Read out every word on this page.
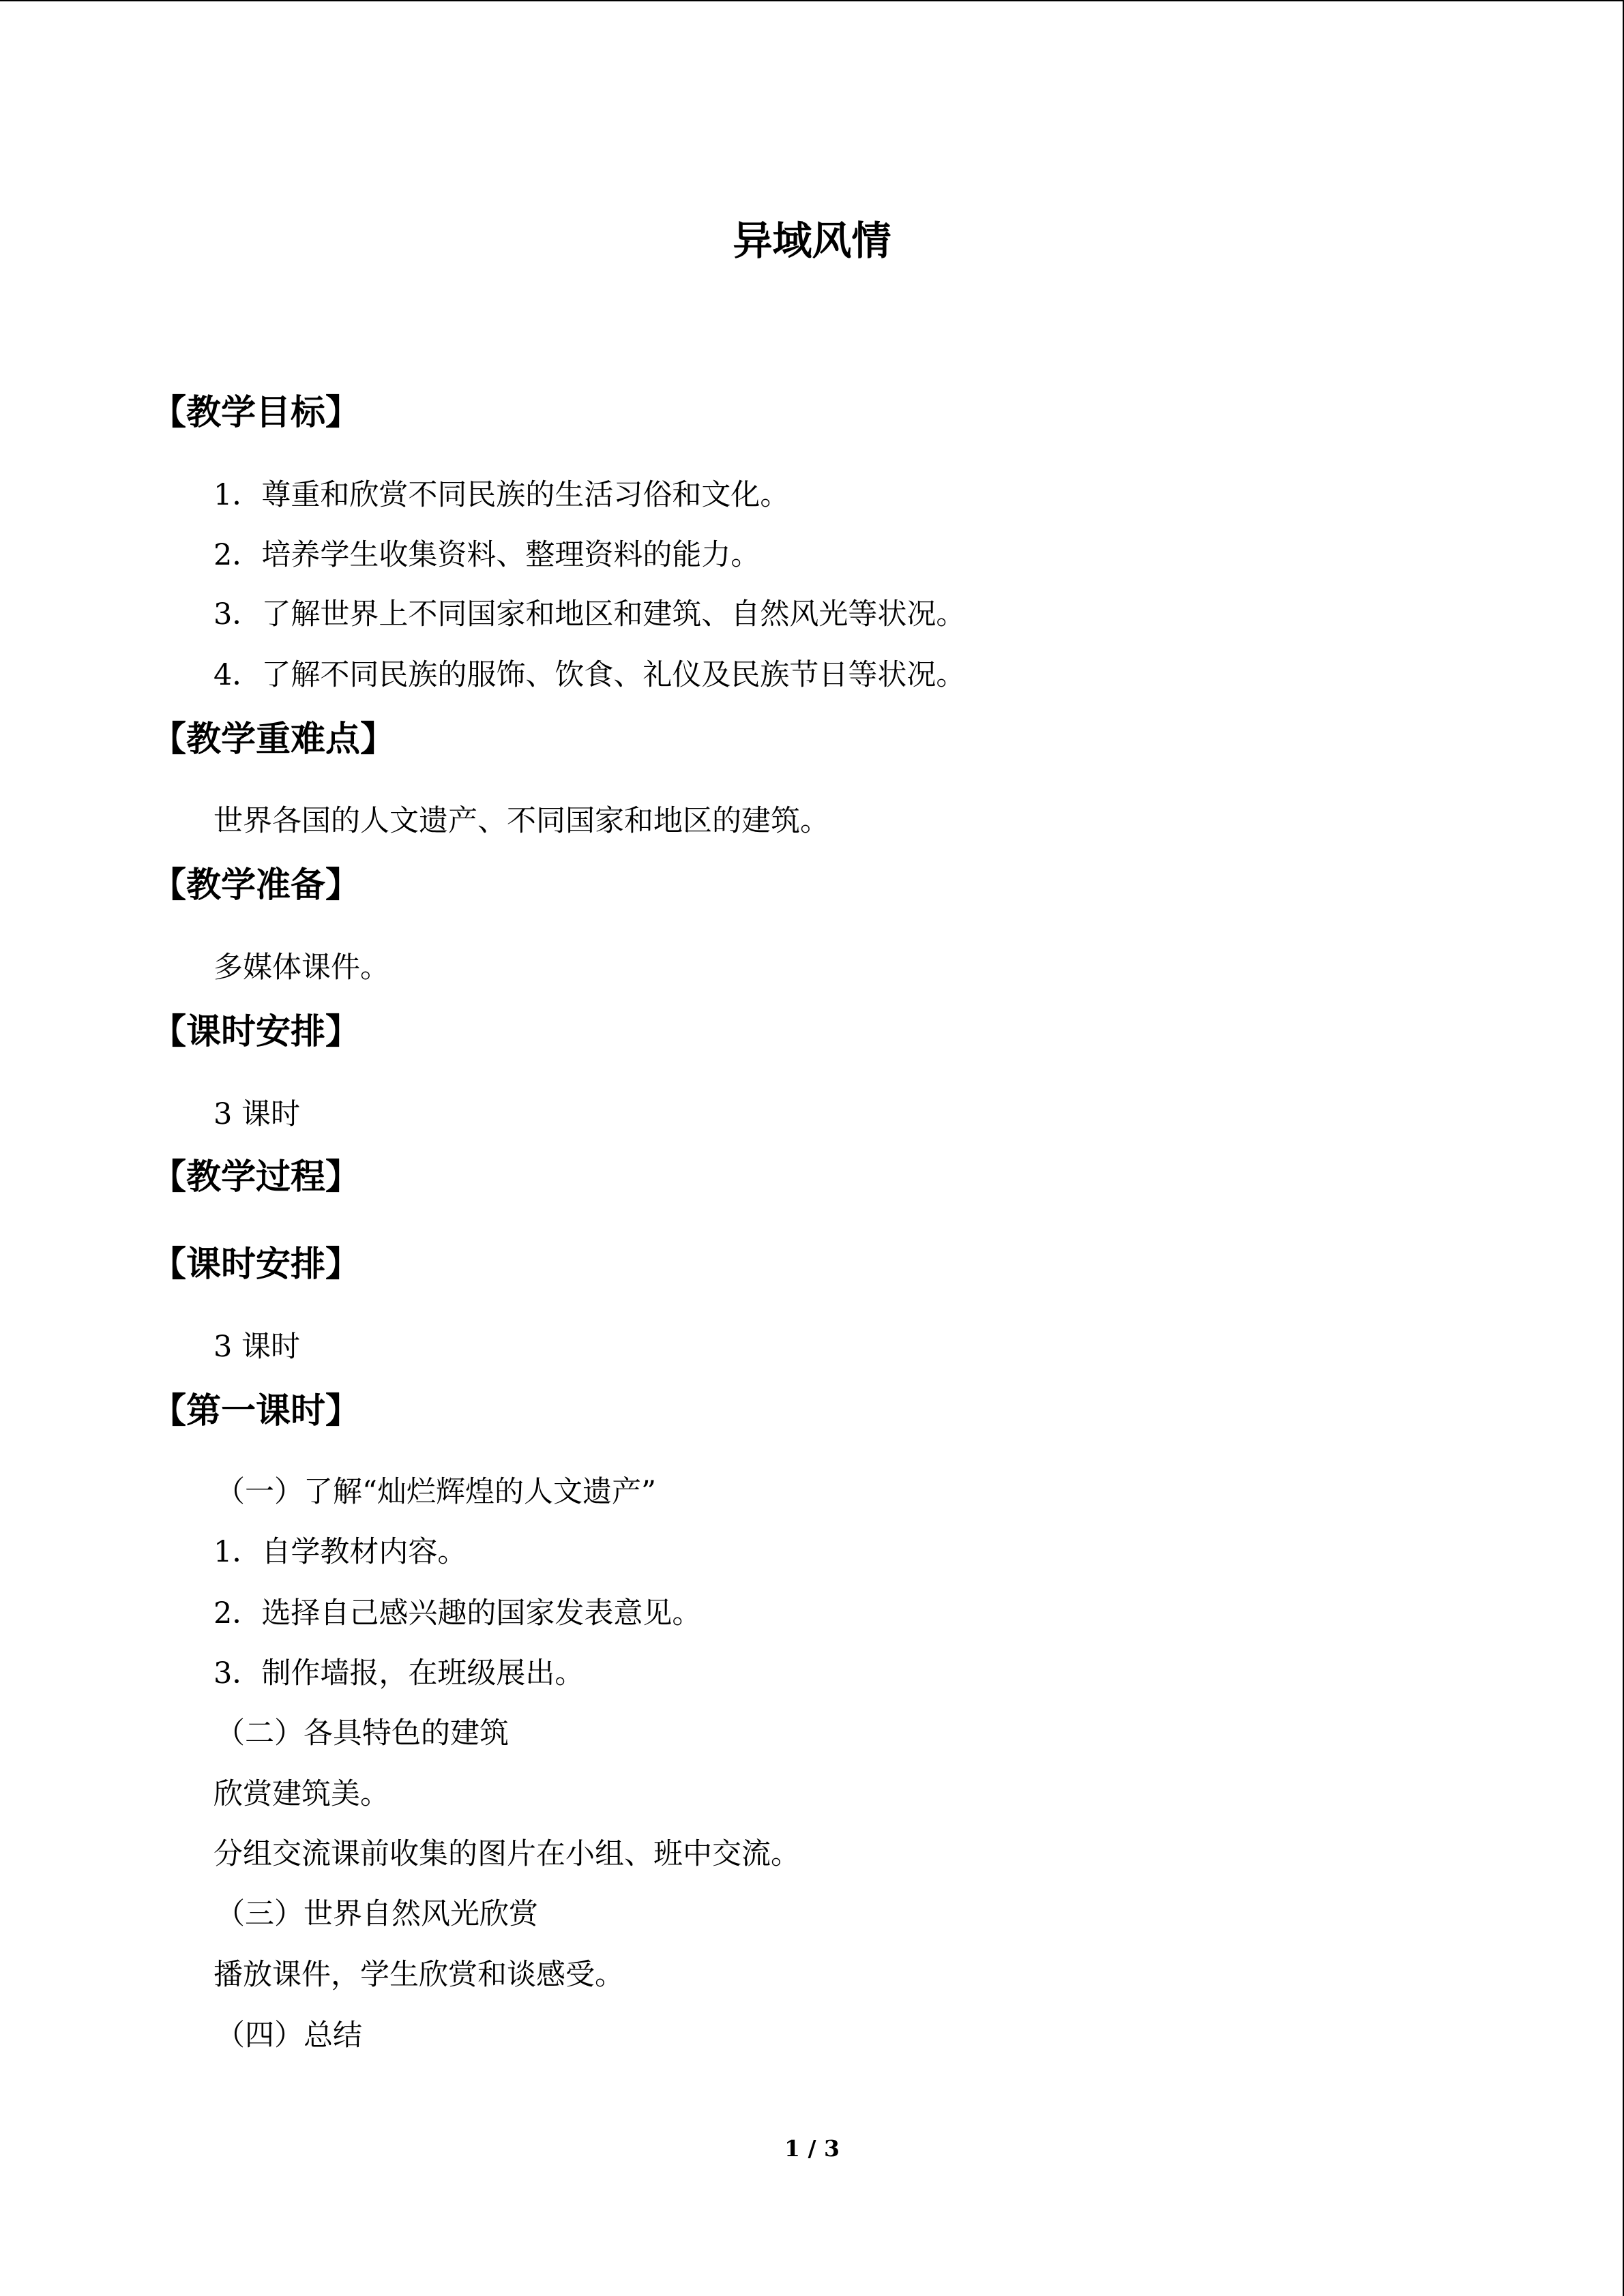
异域风情
【教学目标】
1．尊重和欣赏不同民族的生活习俗和文化。
2．培养学生收集资料、整理资料的能力。
3．了解世界上不同国家和地区和建筑、自然风光等状况。
4．了解不同民族的服饰、饮食、礼仪及民族节日等状况。
【教学重难点】
世界各国的人文遗产、不同国家和地区的建筑。
【教学准备】
多媒体课件。
【课时安排】
3 课时
【教学过程】
【课时安排】
3 课时
【第一课时】
（一）了解“灿烂辉煌的人文遗产”
1．自学教材内容。
2．选择自己感兴趣的国家发表意见。
3．制作墙报，在班级展出。
（二）各具特色的建筑
欣赏建筑美。
分组交流课前收集的图片在小组、班中交流。
（三）世界自然风光欣赏
播放课件，学生欣赏和谈感受。
（四）总结
1 / 3
